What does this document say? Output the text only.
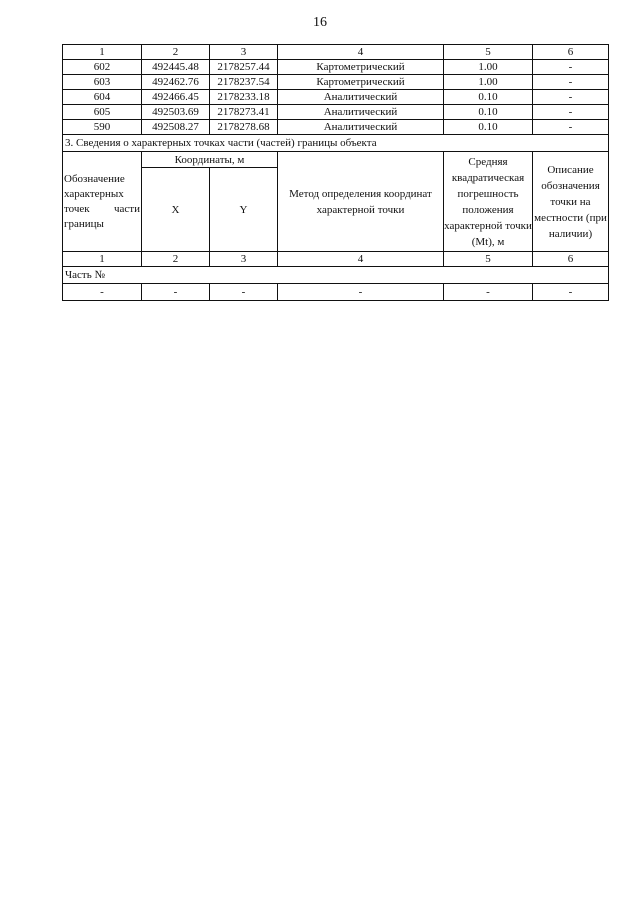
16
1	2	3	4	5	6
602	492445.48	2178257.44	Картометрический	1.00	-
603	492462.76	2178237.54	Картометрический	1.00	-
604	492466.45	2178233.18	Аналитический	0.10	-
605	492503.69	2178273.41	Аналитический	0.10	-
590	492508.27	2178278.68	Аналитический	0.10	-
3. Сведения о характерных точках части (частей) границы объекта					
Обозначение характерных точек части границы	Координаты, м		Метод определения координат характерной точки	Средняя квадратическая погрешность положения характерной точки (Mt), м	Описание обозначения точки на местности (при наличии)
	X	Y			
1	2	3	4	5	6
Часть №					
-	-	-	-	-	-
